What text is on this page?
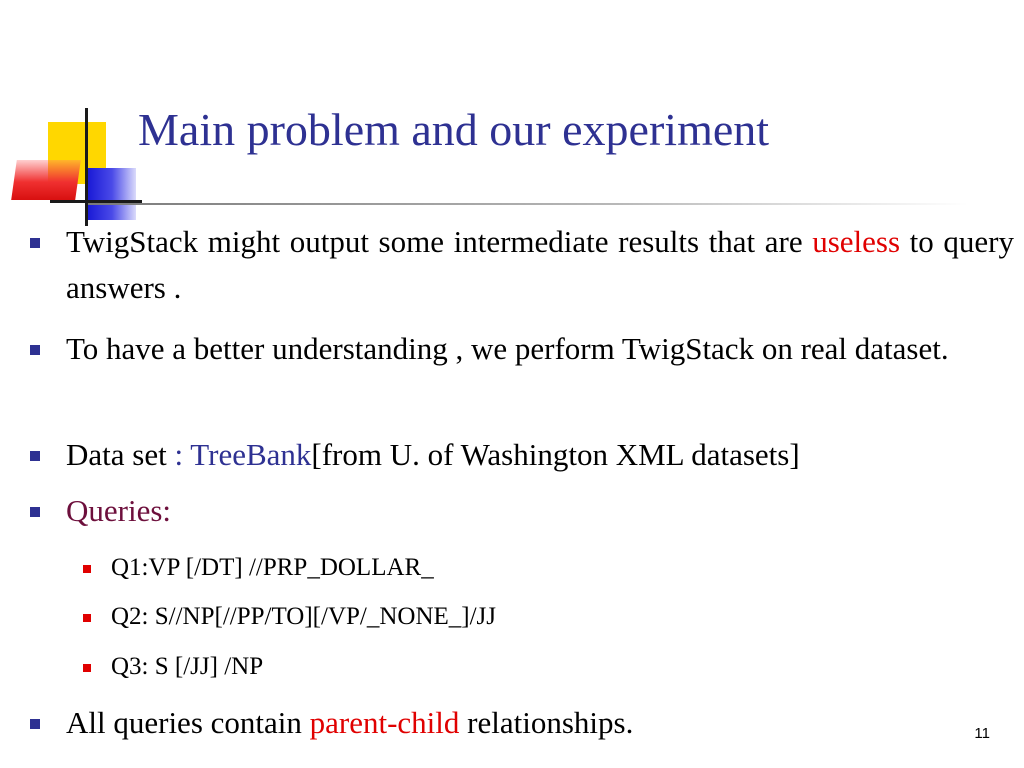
Main problem and our experiment
TwigStack might output some intermediate results that are useless to query answers .
To have a better understanding , we perform TwigStack on real dataset.
Data set : TreeBank[from U. of Washington XML datasets]
Queries:
Q1:VP [/DT] //PRP_DOLLAR_
Q2: S//NP[//PP/TO][/VP/_NONE_]/JJ
Q3: S [/JJ] /NP
All queries contain parent-child relationships.	11
